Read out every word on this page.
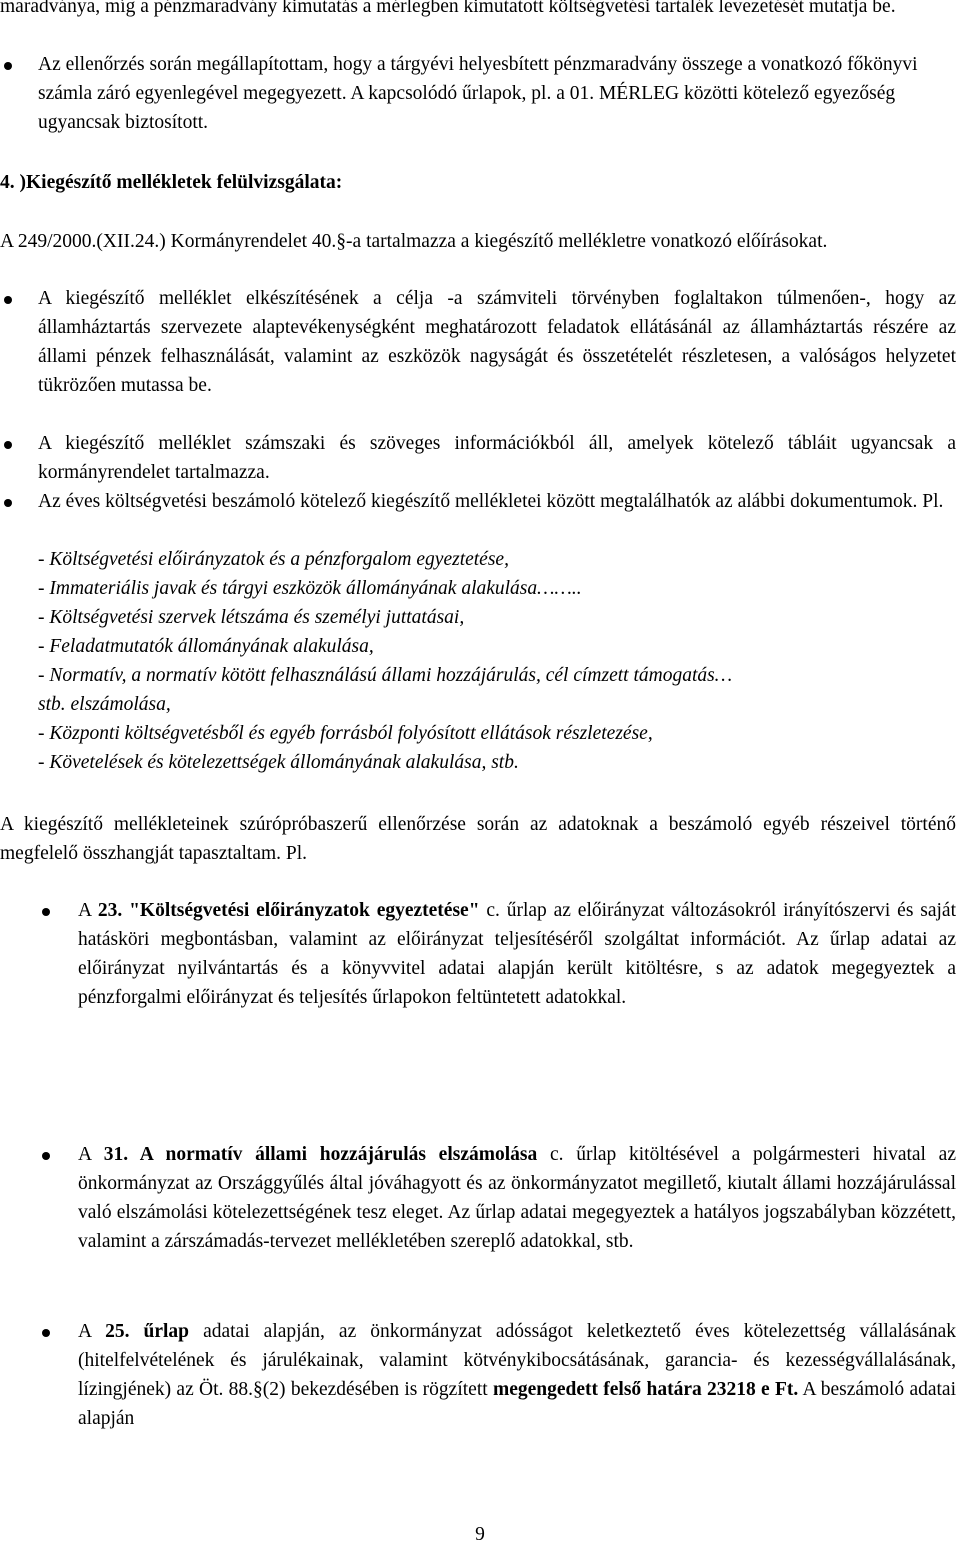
maradványa, míg a pénzmaradvány kimutatás a mérlegben kimutatott költségvetési tartalék levezetését mutatja be.
Az ellenőrzés során megállapítottam, hogy a tárgyévi helyesbített pénzmaradvány összege a vonatkozó főkönyvi számla záró egyenlegével megegyezett. A kapcsolódó űrlapok, pl. a 01. MÉRLEG közötti kötelező egyezőség ugyancsak biztosított.
4. )Kiegészítő mellékletek felülvizsgálata:
A 249/2000.(XII.24.) Kormányrendelet 40.§-a tartalmazza a kiegészítő mellékletre vonatkozó előírásokat.
A kiegészítő melléklet elkészítésének a célja -a számviteli törvényben foglaltakon túlmenően-, hogy az államháztartás szervezete alaptevékenységként meghatározott feladatok ellátásánál az államháztartás részére az állami pénzek felhasználását, valamint az eszközök nagyságát és összetételét részletesen, a valóságos helyzetet tükrözően mutassa be.
A kiegészítő melléklet számszaki és szöveges információkból áll, amelyek kötelező tábláit ugyancsak a kormányrendelet tartalmazza.
Az éves költségvetési beszámoló kötelező kiegészítő mellékletei között megtalálhatók az alábbi dokumentumok. Pl.
- Költségvetési előirányzatok és a pénzforgalom egyeztetése,
- Immateriális javak és tárgyi eszközök állományának alakulása……..
- Költségvetési szervek létszáma és személyi juttatásai,
- Feladatmutatók állományának alakulása,
- Normatív, a normatív kötött felhasználású állami hozzájárulás, cél címzett támogatás…
stb. elszámolása,
- Központi költségvetésből és egyéb forrásból folyósított ellátások részletezése,
- Követelések és kötelezettségek állományának alakulása, stb.
A kiegészítő mellékleteinek szúrópróbaszerű ellenőrzése során az adatoknak a beszámoló egyéb részeivel történő megfelelő összhangját tapasztaltam. Pl.
A 23. "Költségvetési előirányzatok egyeztetése" c. űrlap az előirányzat változásokról irányítószervi és saját hatásköri megbontásban, valamint az előirányzat teljesítéséről szolgáltat információt. Az űrlap adatai az előirányzat nyilvántartás és a könyvvitel adatai alapján került kitöltésre, s az adatok megegyeztek a pénzforgalmi előirányzat és teljesítés űrlapokon feltüntetett adatokkal.
A 31. A normatív állami hozzájárulás elszámolása c. űrlap kitöltésével a polgármesteri hivatal az önkormányzat az Országgyűlés által jóváhagyott és az önkormányzatot megillető, kiutalt állami hozzájárulással való elszámolási kötelezettségének tesz eleget. Az űrlap adatai megegyeztek a hatályos jogszabályban közzétett, valamint a zárszámadás-tervezet mellékletében szereplő adatokkal, stb.
A 25. űrlap adatai alapján, az önkormányzat adósságot keletkeztető éves kötelezettség vállalásának (hitelfelvételének és járulékainak, valamint kötvénykibocsátásának, garancia- és kezességvállalásának, lízingjének) az Öt. 88.§(2) bekezdésében is rögzített megengedett felső határa 23218 e Ft. A beszámoló adatai alapján
9
